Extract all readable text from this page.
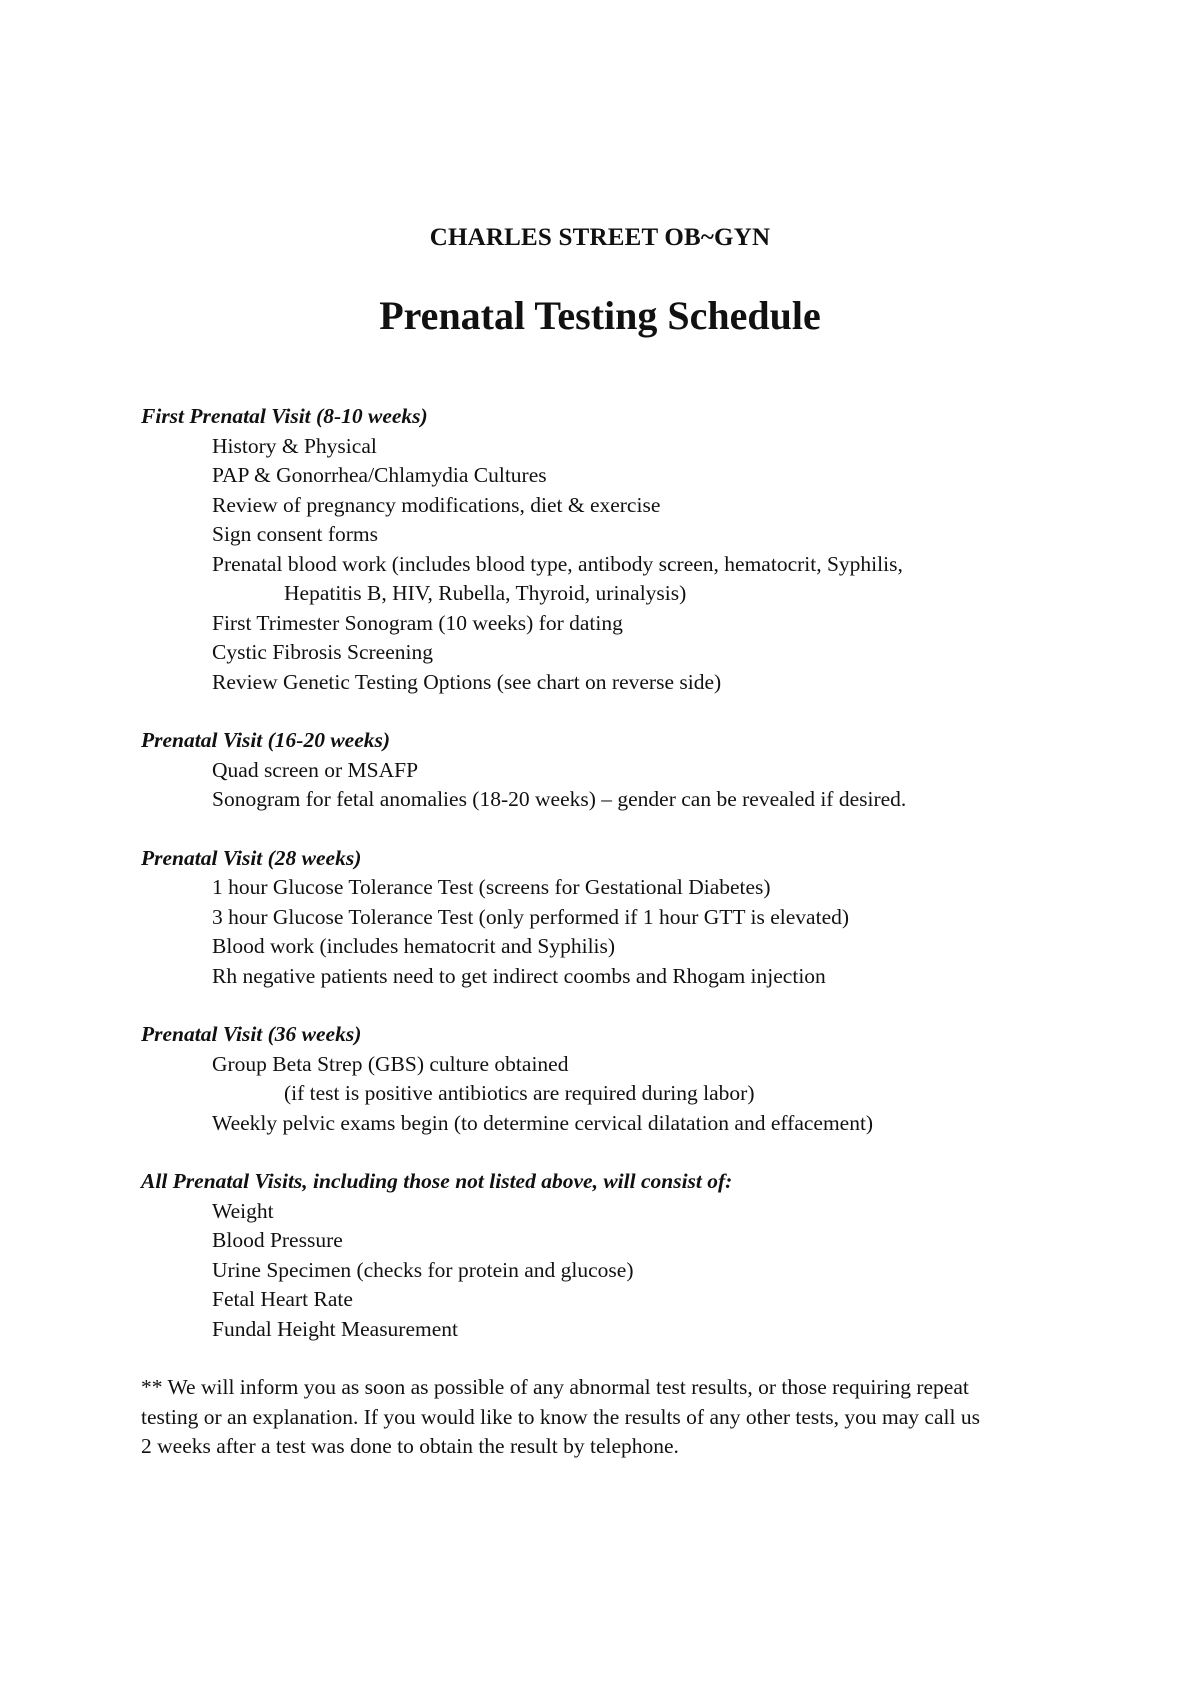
CHARLES STREET OB~GYN
Prenatal Testing Schedule
First Prenatal Visit (8-10 weeks)
History & Physical
PAP & Gonorrhea/Chlamydia Cultures
Review of pregnancy modifications, diet & exercise
Sign consent forms
Prenatal blood work (includes blood type, antibody screen, hematocrit, Syphilis,
Hepatitis B, HIV, Rubella, Thyroid, urinalysis)
First Trimester Sonogram (10 weeks) for dating
Cystic Fibrosis Screening
Review Genetic Testing Options (see chart on reverse side)
Prenatal Visit (16-20 weeks)
Quad screen or MSAFP
Sonogram for fetal anomalies (18-20 weeks) – gender can be revealed if desired.
Prenatal Visit (28 weeks)
1 hour Glucose Tolerance Test (screens for Gestational Diabetes)
3 hour Glucose Tolerance Test (only performed if 1 hour GTT is elevated)
Blood work (includes hematocrit and Syphilis)
Rh negative patients need to get indirect coombs and Rhogam injection
Prenatal Visit (36 weeks)
Group Beta Strep (GBS) culture obtained
(if test is positive antibiotics are required during labor)
Weekly pelvic exams begin (to determine cervical dilatation and effacement)
All Prenatal Visits, including those not listed above, will consist of:
Weight
Blood Pressure
Urine Specimen (checks for protein and glucose)
Fetal Heart Rate
Fundal Height Measurement
** We will inform you as soon as possible of any abnormal test results, or those requiring repeat
testing or an explanation. If you would like to know the results of any other tests, you may call us
2 weeks after a test was done to obtain the result by telephone.
